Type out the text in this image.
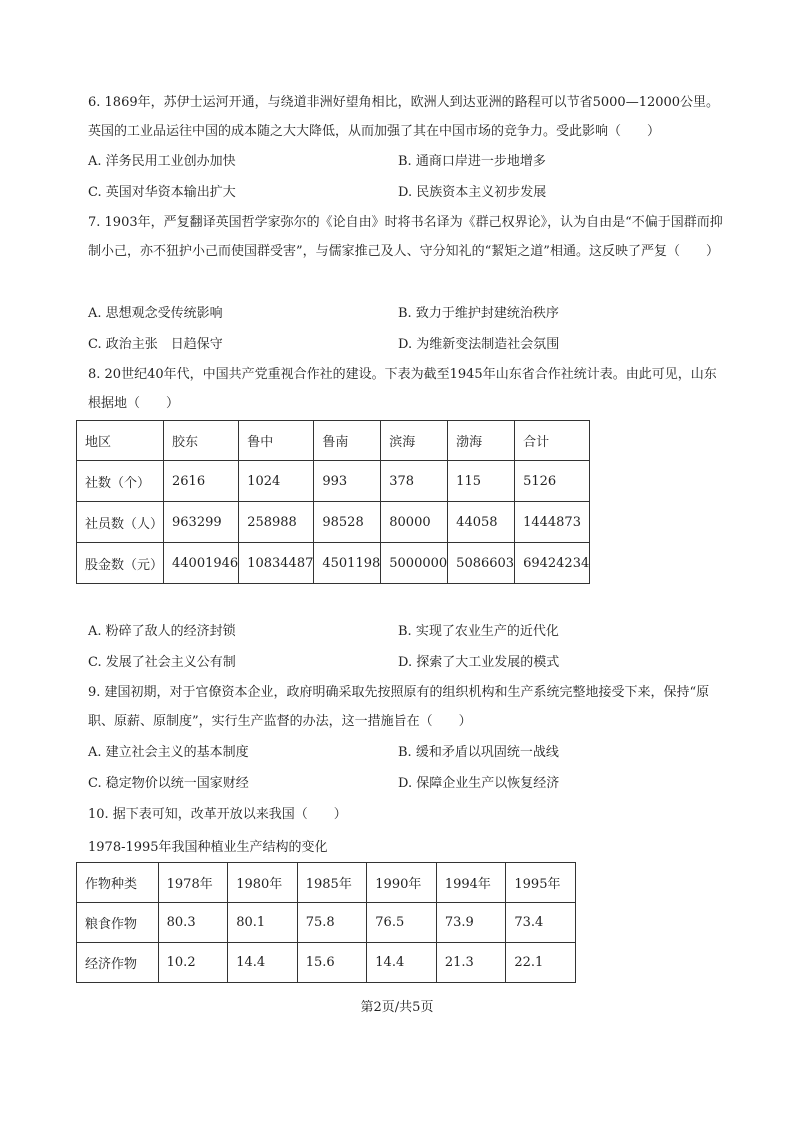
6. 1869年，苏伊士运河开通，与绕道非洲好望角相比，欧洲人到达亚洲的路程可以节省5000—12000公里。英国的工业品运往中国的成本随之大大降低，从而加强了其在中国市场的竞争力。受此影响（　　）

A. 洋务民用工业创办加快	B. 通商口岸进一步地增多
C. 英国对华资本输出扩大	D. 民族资本主义初步发展

7. 1903年，严复翻译英国哲学家弥尔的《论自由》时将书名译为《群己权界论》，认为自由是“不偏于国群而抑制小己，亦不狃护小己而使国群受害”，与儒家推己及人、守分知礼的“絜矩之道”相通。这反映了严复（　　）

A. 思想观念受传统影响	B. 致力于维护封建统治秩序
C. 政治主张　日趋保守	D. 为维新变法制造社会氛围

8. 20世纪40年代，中国共产党重视合作社的建设。下表为截至1945年山东省合作社统计表。由此可见，山东根据地（　　）

地区	胶东	鲁中	鲁南	滨海	渤海	合计
社数（个）	2616	1024	993	378	115	5126
社员数（人）	963299	258988	98528	80000	44058	1444873
股金数（元）	44001946	10834487	4501198	5000000	5086603	69424234
A. 粉碎了敌人的经济封锁	B. 实现了农业生产的近代化
C. 发展了社会主义公有制	D. 探索了大工业发展的模式

9. 建国初期，对于官僚资本企业，政府明确采取先按照原有的组织机构和生产系统完整地接受下来，保持“原职、原薪、原制度”，实行生产监督的办法，这一措施旨在（　　）

A. 建立社会主义的基本制度	B. 缓和矛盾以巩固统一战线
C. 稳定物价以统一国家财经	D. 保障企业生产以恢复经济

10. 据下表可知，改革开放以来我国（　　）

1978-1995年我国种植业生产结构的变化
作物种类	1978年	1980年	1985年	1990年	1994年	1995年
粮食作物	80.3	80.1	75.8	76.5	73.9	73.4
经济作物	10.2	14.4	15.6	14.4	21.3	22.1
第2页/共5页
